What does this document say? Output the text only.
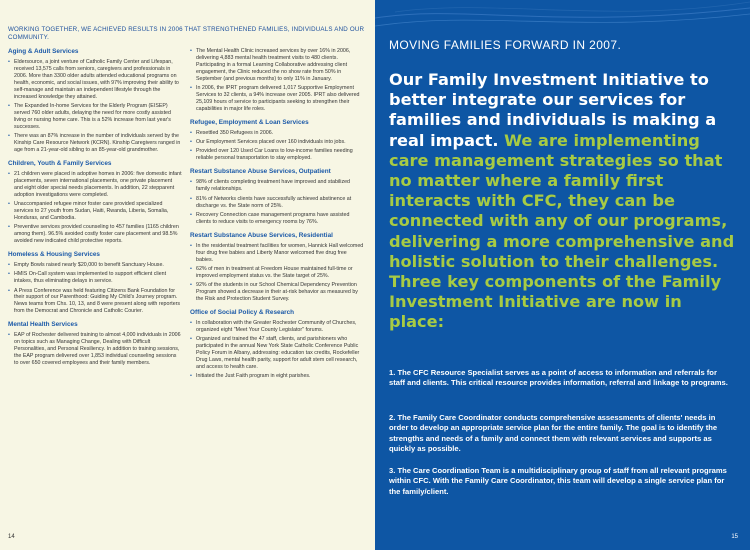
WORKING TOGETHER, WE ACHIEVED RESULTS IN 2006 THAT STRENGTHENED FAMILIES, INDIVIDUALS AND OUR COMMUNITY.
Aging & Adult Services
• Eldersource, a joint venture of Catholic Family Center and Lifespan, received 13,575 calls from seniors, caregivers and professionals in 2006. More than 3300 older adults attended educational programs on health, economic, and social issues, with 97% improving their ability to self-manage and maintain an independent lifestyle through the increased knowledge they attained.
• The Expanded In-home Services for the Elderly Program (EISEP) served 760 older adults, delaying the need for more costly assisted living or nursing home care. This is a 52% increase from last year's successes.
• There was an 87% increase in the number of individuals served by the Kinship Care Resource Network (KCRN). Kinship Caregivers ranged in age from a 21-year-old sibling to an 85-year-old grandmother.
Children, Youth & Family Services
• 21 children were placed in adoptive homes in 2006: five domestic infant placements, seven international placements, one private placement and eight older special needs placements. In addition, 22 stepparent adoption investigations were completed.
• Unaccompanied refugee minor foster care provided specialized services to 27 youth from Sudan, Haiti, Rwanda, Liberia, Somalia, Honduras, and Cambodia.
• Preventive services provided counseling to 457 families (1165 children among them). 96.5% avoided costly foster care placement and 98.5% avoided new indicated child protective reports.
Homeless & Housing Services
• Empty Bowls raised nearly $20,000 to benefit Sanctuary House.
• HMIS On-Call system was implemented to support efficient client intakes, thus eliminating delays in service.
• A Press Conference was held featuring Citizens Bank Foundation for their support of our Parenthood: Guiding My Child's Journey program. News teams from Chs. 10, 13, and 8 were present along with reporters from the Democrat and Chronicle and Catholic Courier.
Mental Health Services
• EAP of Rochester delivered training to almost 4,000 individuals in 2006 on topics such as Managing Change, Dealing with Difficult Personalities, and Personal Resiliency. In addition to training sessions, the EAP program delivered over 1,853 individual counseling sessions to over 650 covered employees and their family members.
• The Mental Health Clinic increased services by over 16% in 2006, delivering 4,883 mental health treatment visits to 480 clients. Participating in a formal Learning Collaborative addressing client engagement, the Clinic reduced the no show rate from 50% in September (and previous months) to only 11% in January.
• In 2006, the IPRT program delivered 1,017 Supportive Employment Services to 32 clients, a 94% increase over 2005. IPRT also delivered 25,109 hours of service to participants seeking to strengthen their capabilities in major life roles.
Refugee, Employment & Loan Services
• Resettled 350 Refugees in 2006.
• Our Employment Services placed over 160 individuals into jobs.
• Provided over 120 Used Car Loans to low-income families needing reliable personal transportation to stay employed.
Restart Substance Abuse Services, Outpatient
• 98% of clients completing treatment have improved and stabilized family relationships.
• 81% of Networks clients have successfully achieved abstinence at discharge vs. the State norm of 25%.
• Recovery Connection case management programs have assisted clients to reduce visits to emergency rooms by 76%.
Restart Substance Abuse Services, Residential
• In the residential treatment facilities for women, Hannick Hall welcomed four drug free babies and Liberty Manor welcomed five drug free babies.
• 62% of men in treatment at Freedom House maintained full-time or improved employment status vs. the State target of 25%.
• 92% of the students in our School Chemical Dependency Prevention Program showed a decrease in their at-risk behavior as measured by the Risk and Protection Student Survey.
Office of Social Policy & Research
• In collaboration with the Greater Rochester Community of Churches, organized eight "Meet Your County Legislator" forums.
• Organized and trained the 47 staff, clients, and parishioners who participated in the annual New York State Catholic Conference Public Policy Forum in Albany, addressing: education tax credits, Rockefeller Drug Laws, mental health parity, support for adult stem cell research, and access to health care.
• Initiated the Just Faith program in eight parishes.
14
MOVING FAMILIES FORWARD IN 2007.
Our Family Investment Initiative to better integrate our services for families and individuals is making a real impact. We are implementing care management strategies so that no matter where a family first interacts with CFC, they can be connected with any of our programs, delivering a more comprehensive and holistic solution to their challenges. Three key components of the Family Investment Initiative are now in place:
1. The CFC Resource Specialist serves as a point of access to information and referrals for staff and clients. This critical resource provides information, referral and linkage to programs.
2. The Family Care Coordinator conducts comprehensive assessments of clients' needs in order to develop an appropriate service plan for the entire family. The goal is to identify the strengths and needs of a family and connect them with relevant services and supports as quickly as possible.
3. The Care Coordination Team is a multidisciplinary group of staff from all relevant programs within CFC. With the Family Care Coordinator, this team will develop a single service plan for the family/client.
15
